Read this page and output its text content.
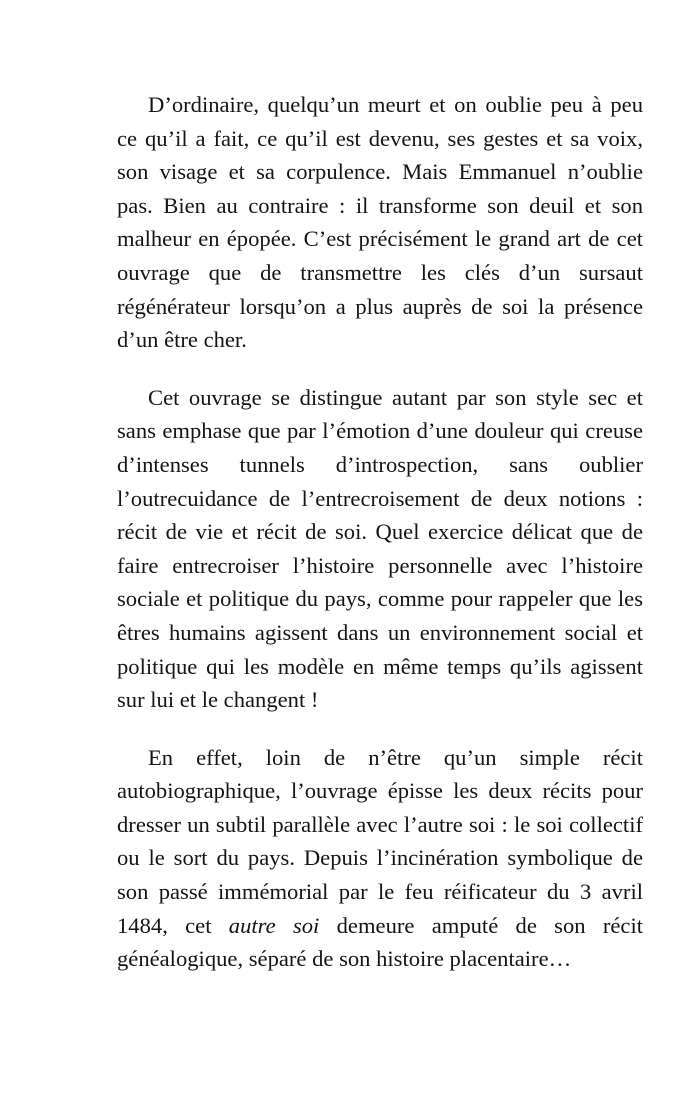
D’ordinaire, quelqu’un meurt et on oublie peu à peu ce qu’il a fait, ce qu’il est devenu, ses gestes et sa voix, son visage et sa corpulence. Mais Emmanuel n’oublie pas. Bien au contraire : il transforme son deuil et son malheur en épopée. C’est précisément le grand art de cet ouvrage que de transmettre les clés d’un sursaut régénérateur lorsqu’on a plus auprès de soi la présence d’un être cher.

Cet ouvrage se distingue autant par son style sec et sans emphase que par l’émotion d’une douleur qui creuse d’intenses tunnels d’introspection, sans oublier l’outrecuidance de l’entrecroisement de deux notions : récit de vie et récit de soi. Quel exercice délicat que de faire entrecroiser l’histoire personnelle avec l’histoire sociale et politique du pays, comme pour rappeler que les êtres humains agissent dans un environnement social et politique qui les modèle en même temps qu’ils agissent sur lui et le changent !

En effet, loin de n’être qu’un simple récit autobiographique, l’ouvrage épisse les deux récits pour dresser un subtil parallèle avec l’autre soi : le soi collectif ou le sort du pays. Depuis l’incinération symbolique de son passé immémorial par le feu réificateur du 3 avril 1484, cet autre soi demeure amputé de son récit généalogique, séparé de son histoire placentaire…
